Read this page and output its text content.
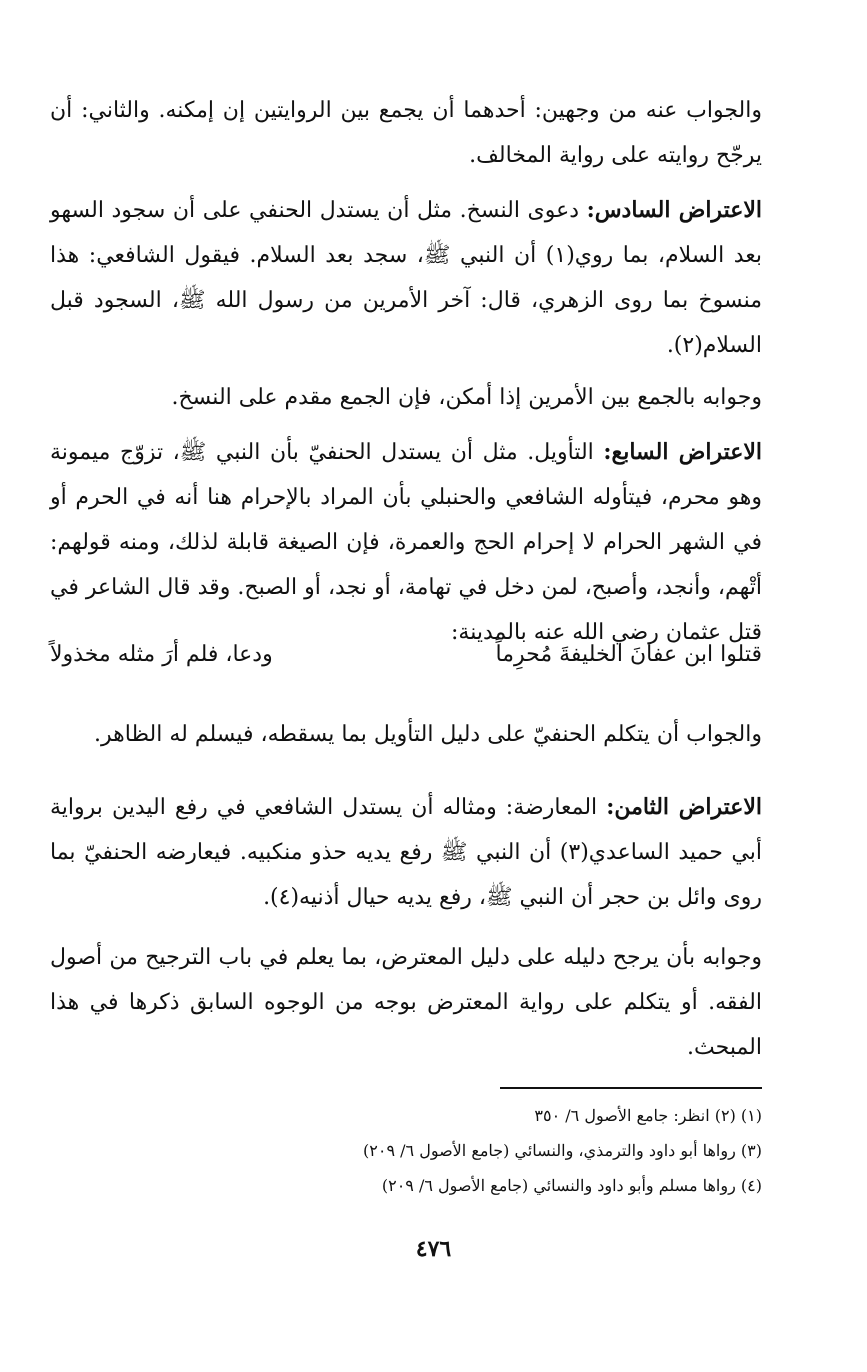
والجواب عنه من وجهين: أحدهما أن يجمع بين الروايتين إن إمكنه. والثاني: أن يرجّح روايته على رواية المخالف.
الاعتراض السادس: دعوى النسخ. مثل أن يستدل الحنفي على أن سجود السهو بعد السلام، بما روي(١) أن النبي ﷺ، سجد بعد السلام. فيقول الشافعي: هذا منسوخ بما روى الزهري، قال: آخر الأمرين من رسول الله ﷺ، السجود قبل السلام(٢).
وجوابه بالجمع بين الأمرين إذا أمكن، فإن الجمع مقدم على النسخ.
الاعتراض السابع: التأويل. مثل أن يستدل الحنفيّ بأن النبي ﷺ، تزوّج ميمونة وهو محرم، فيتأوله الشافعي والحنبلي بأن المراد بالإحرام هنا أنه في الحرم أو في الشهر الحرام لا إحرام الحج والعمرة، فإن الصيغة قابلة لذلك، ومنه قولهم: أتْهم، وأنجد، وأصبح، لمن دخل في تهامة، أو نجد، أو الصبح. وقد قال الشاعر في قتل عثمان رضي الله عنه بالمدينة:
قتلوا ابن عفانَ الخليفةَ مُحرِماً
ودعا، فلم أرَ مثله مخذولاً
والجواب أن يتكلم الحنفيّ على دليل التأويل بما يسقطه، فيسلم له الظاهر.
الاعتراض الثامن: المعارضة: ومثاله أن يستدل الشافعي في رفع اليدين برواية أبي حميد الساعدي(٣) أن النبي ﷺ رفع يديه حذو منكبيه. فيعارضه الحنفيّ بما روى وائل بن حجر أن النبي ﷺ، رفع يديه حيال أذنيه(٤).
وجوابه بأن يرجح دليله على دليل المعترض، بما يعلم في باب الترجيح من أصول الفقه. أو يتكلم على رواية المعترض بوجه من الوجوه السابق ذكرها في هذا المبحث.
(١) (٢) انظر: جامع الأصول ٦/ ٣٥٠
(٣) رواها أبو داود والترمذي، والنسائي (جامع الأصول ٦/ ٢٠٩)
(٤) رواها مسلم وأبو داود والنسائي (جامع الأصول ٦/ ٢٠٩)
٤٧٦
